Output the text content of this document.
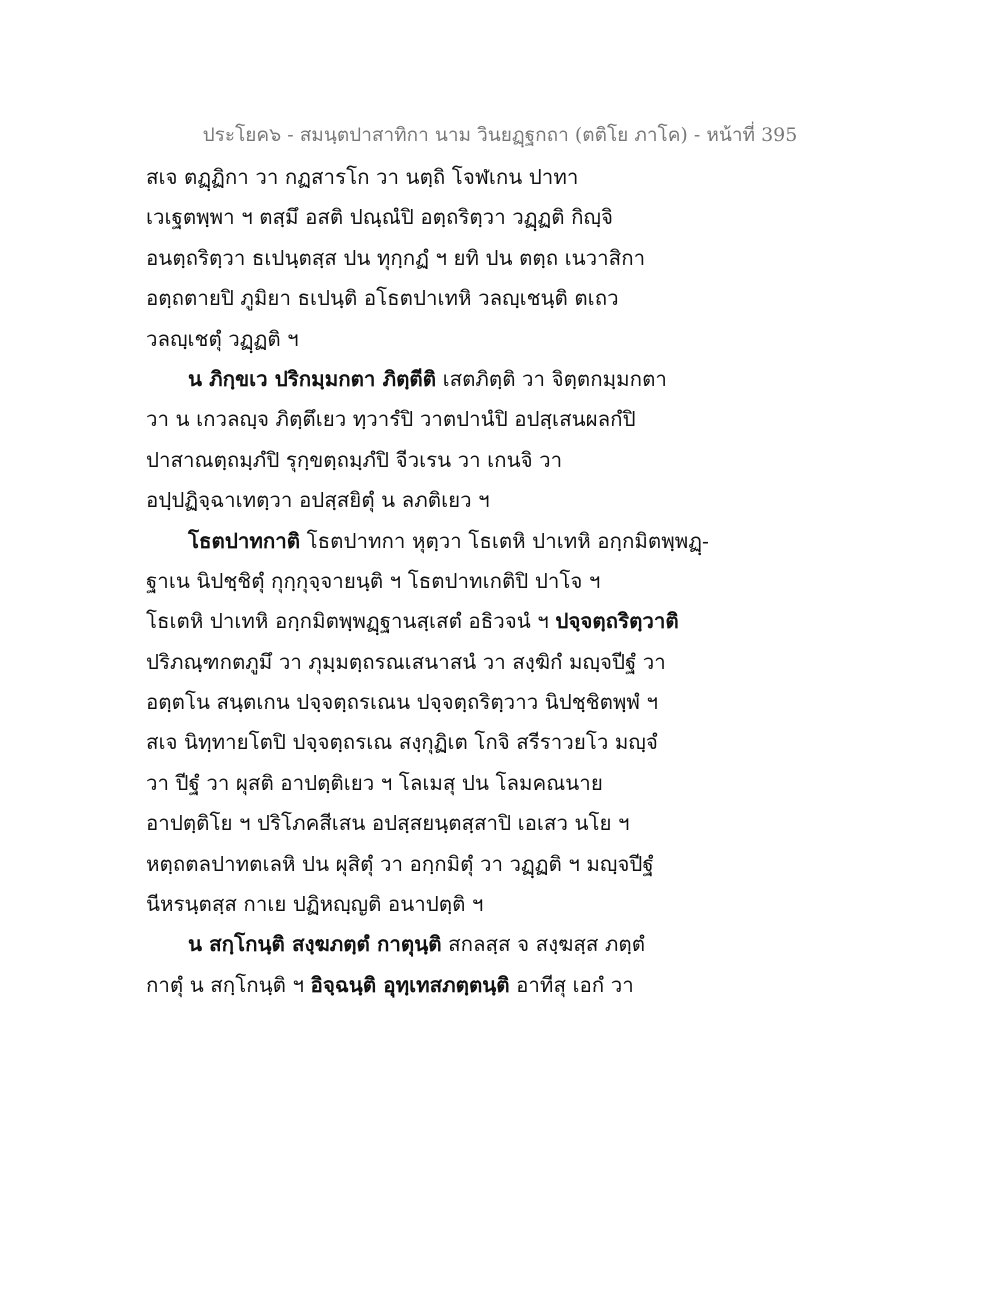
ประโยค๖ - สมนฺตปาสาทิกา นาม วินยฏฺฐกถา (ตติโย ภาโค) - หน้าที่ 395
สเจ ตฏฺฏิกา วา กฏสารโก วา นตฺถิ โจฬเกน ปาทา
เวเฐตพฺพา ฯ ตสฺมึ อสติ ปณฺณํปิ อตฺถริตฺวา วฏฺฏติ กิญฺจิ
อนตฺถริตฺวา ธเปนฺตสฺส ปน ทุกฺกฏํ ฯ ยทิ ปน ตตฺถ เนวาสิกา
อตฺถตายปิ ภูมิยา ธเปนฺติ อโธตปาเทหิ วลญฺเชนฺติ ตเถว
วลญฺเชตุํ วฏฺฏติ ฯ
น ภิกฺขเว ปริกมฺมกตา ภิตฺตีติ เสตภิตฺติ วา จิตฺตกมฺมกตา
วา น เกวลญฺจ ภิตฺตึเยว ทฺวารํปิ วาตปานํปิ อปสฺเสนผลกํปิ
ปาสาณตฺถมฺภํปิ รุกฺขตฺถมฺภํปิ จีวเรน วา เกนจิ วา
อปฺปฏิจฺฉาเทตฺวา อปสฺสยิตุํ น ลภติเยว ฯ
โธตปาทกาติ โธตปาทกา หุตฺวา โธเตหิ ปาเทหิ อกฺกมิตพฺพฏฺ-
ฐาเน นิปชฺชิตุํ กุกฺกุจฺจายนฺติ ฯ โธตปาทเกติปิ ปาโจ ฯ
โธเตหิ ปาเทหิ อกฺกมิตพฺพฏฺฐานสฺเสตํ อธิวจนํ ฯ ปจฺจตฺถริตฺวาติ
ปริภณฺฑกตภูมึ วา ภุมฺมตฺถรณเสนาสนํ วา สงฺฆิกํ มญฺจปีฐํ วา
อตฺตโน สนฺตเกน ปจฺจตฺถรเณน ปจฺจตฺถริตฺวาว นิปชฺชิตพฺพํ ฯ
สเจ นิทฺทายโตปิ ปจฺจตฺถรเณ สงฺกุฏิเต โกจิ สรีราวยโว มญฺจํ
วา ปีฐํ วา ผุสติ อาปตฺติเยว ฯ โลเมสุ ปน โลมคณนาย
อาปตฺติโย ฯ ปริโภคสีเสน อปสฺสยนฺตสฺสาปิ เอเสว นโย ฯ
หตฺถตลปาทตเลหิ ปน ผุสิตุํ วา อกฺกมิตุํ วา วฏฺฏติ ฯ มญฺจปีฐํ
นีหรนฺตสฺส กาเย ปฏิหญฺญติ อนาปตฺติ ฯ
น สกฺโกนฺติ สงฺฆภตฺตํ กาตุนฺติ สกลสฺส จ สงฺฆสฺส ภตฺตํ
กาตุํ น สกฺโกนฺติ ฯ อิจฺฉนฺติ อุทฺเทสภตฺตนฺติ อาทีสุ เอกํ วา
